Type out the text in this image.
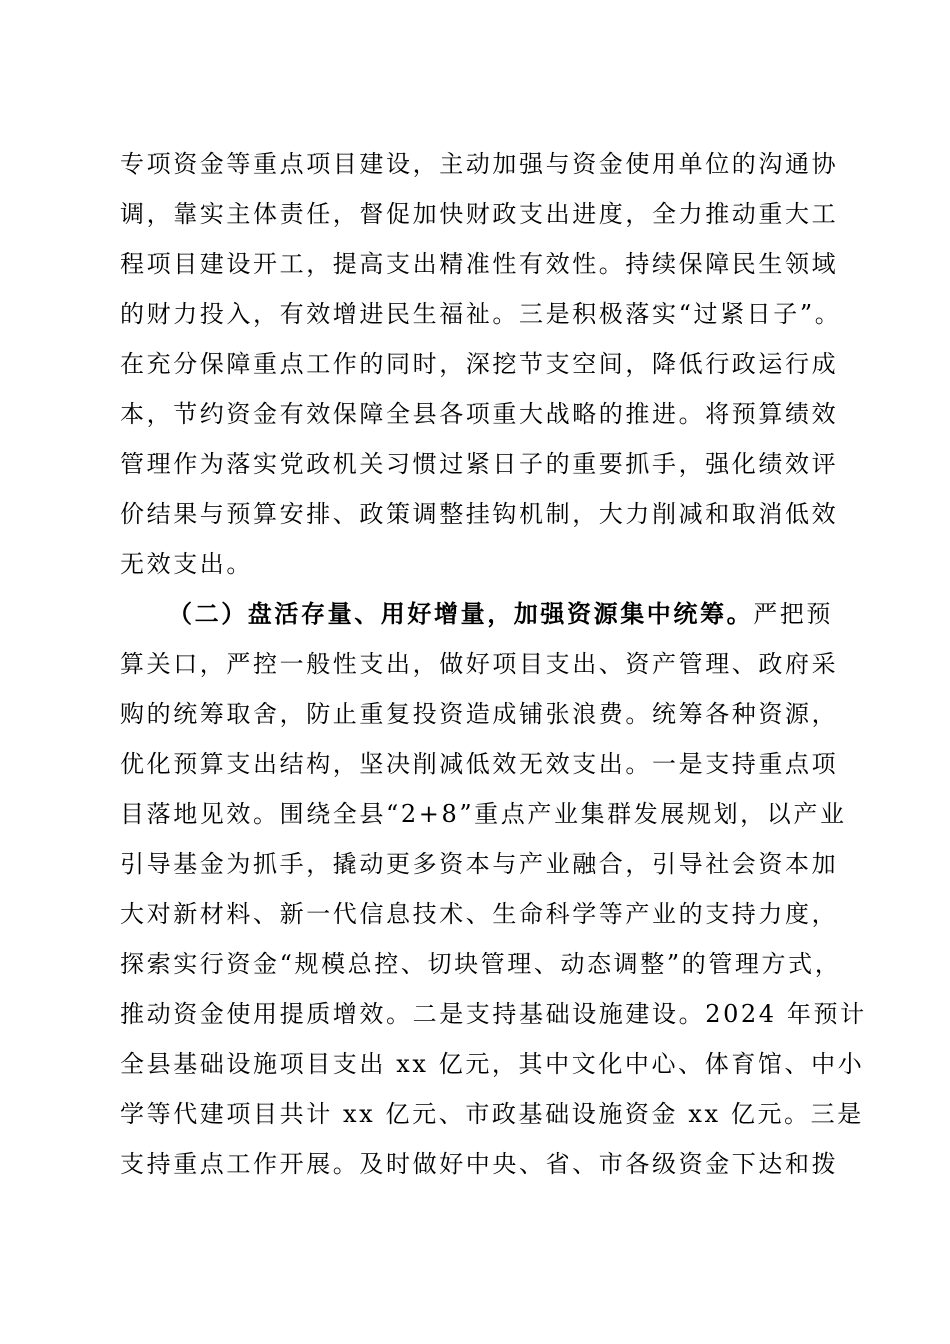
专项资金等重点项目建设，主动加强与资金使用单位的沟通协
调，靠实主体责任，督促加快财政支出进度，全力推动重大工
程项目建设开工，提高支出精准性有效性。持续保障民生领域
的财力投入，有效增进民生福祉。三是积极落实“过紧日子”。
在充分保障重点工作的同时，深挖节支空间，降低行政运行成
本，节约资金有效保障全县各项重大战略的推进。将预算绩效
管理作为落实党政机关习惯过紧日子的重要抓手，强化绩效评
价结果与预算安排、政策调整挂钩机制，大力削减和取消低效
无效支出。
（二）盘活存量、用好增量，加强资源集中统筹。严把预
算关口，严控一般性支出，做好项目支出、资产管理、政府采
购的统筹取舍，防止重复投资造成铺张浪费。统筹各种资源，
优化预算支出结构，坚决削减低效无效支出。一是支持重点项
目落地见效。围绕全县“2+8”重点产业集群发展规划，以产业
引导基金为抓手，撬动更多资本与产业融合，引导社会资本加
大对新材料、新一代信息技术、生命科学等产业的支持力度，
探索实行资金“规模总控、切块管理、动态调整”的管理方式，
推动资金使用提质增效。二是支持基础设施建设。2024 年预计
全县基础设施项目支出 xx 亿元，其中文化中心、体育馆、中小
学等代建项目共计 xx 亿元、市政基础设施资金 xx 亿元。三是
支持重点工作开展。及时做好中央、省、市各级资金下达和拨
